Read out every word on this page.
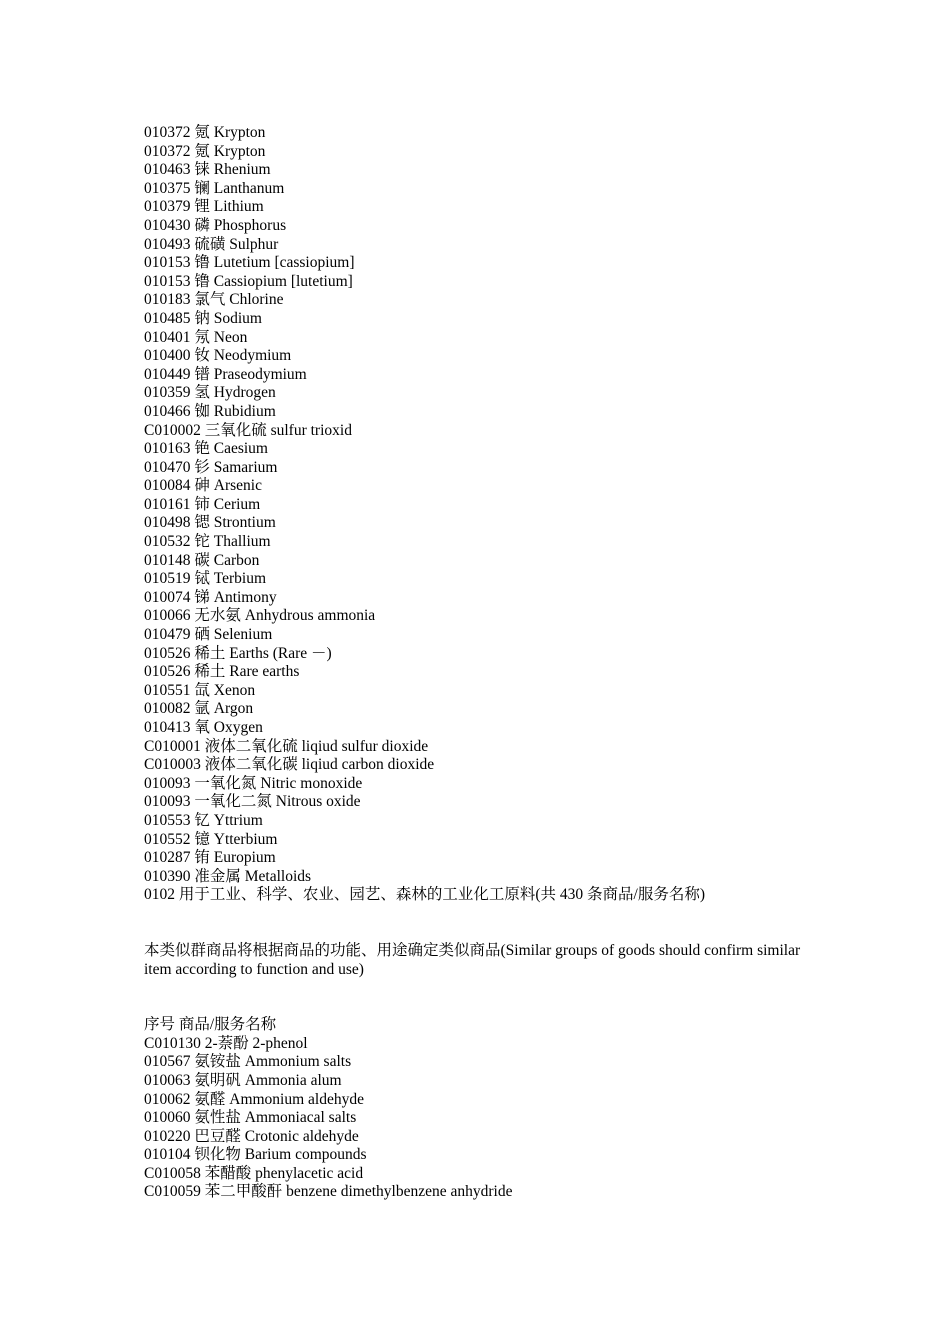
010372 氪 Krypton
010372 氪 Krypton
010463 铼 Rhenium
010375 镧 Lanthanum
010379 锂 Lithium
010430 磷 Phosphorus
010493 硫磺 Sulphur
010153 镥 Lutetium [cassiopium]
010153 镥 Cassiopium [lutetium]
010183 氯气 Chlorine
010485 钠 Sodium
010401 氖 Neon
010400 钕 Neodymium
010449 镨 Praseodymium
010359 氢 Hydrogen
010466 铷 Rubidium
C010002 三氧化硫 sulfur trioxid
010163 铯 Caesium
010470 钐 Samarium
010084 砷 Arsenic
010161 铈 Cerium
010498 锶 Strontium
010532 铊 Thallium
010148 碳 Carbon
010519 铽 Terbium
010074 锑 Antimony
010066 无水氨 Anhydrous ammonia
010479 硒 Selenium
010526 稀土 Earths (Rare －)
010526 稀土 Rare earths
010551 氙 Xenon
010082 氩 Argon
010413 氧 Oxygen
C010001 液体二氧化硫 liqiud sulfur dioxide
C010003 液体二氧化碳 liqiud carbon dioxide
010093 一氧化氮 Nitric monoxide
010093 一氧化二氮 Nitrous oxide
010553 钇 Yttrium
010552 镱 Ytterbium
010287 铕 Europium
010390 准金属 Metalloids
0102 用于工业、科学、农业、园艺、森林的工业化工原料(共 430 条商品/服务名称)
本类似群商品将根据商品的功能、用途确定类似商品(Similar groups of goods should confirm similar item according to function and use)
序号 商品/服务名称
C010130 2-萘酚 2-phenol
010567 氨铵盐 Ammonium salts
010063 氨明矾 Ammonia alum
010062 氨醛 Ammonium aldehyde
010060 氨性盐 Ammoniacal salts
010220 巴豆醛 Crotonic aldehyde
010104 钡化物 Barium compounds
C010058 苯醋酸 phenylacetic acid
C010059 苯二甲酸酐 benzene dimethylbenzene anhydride
